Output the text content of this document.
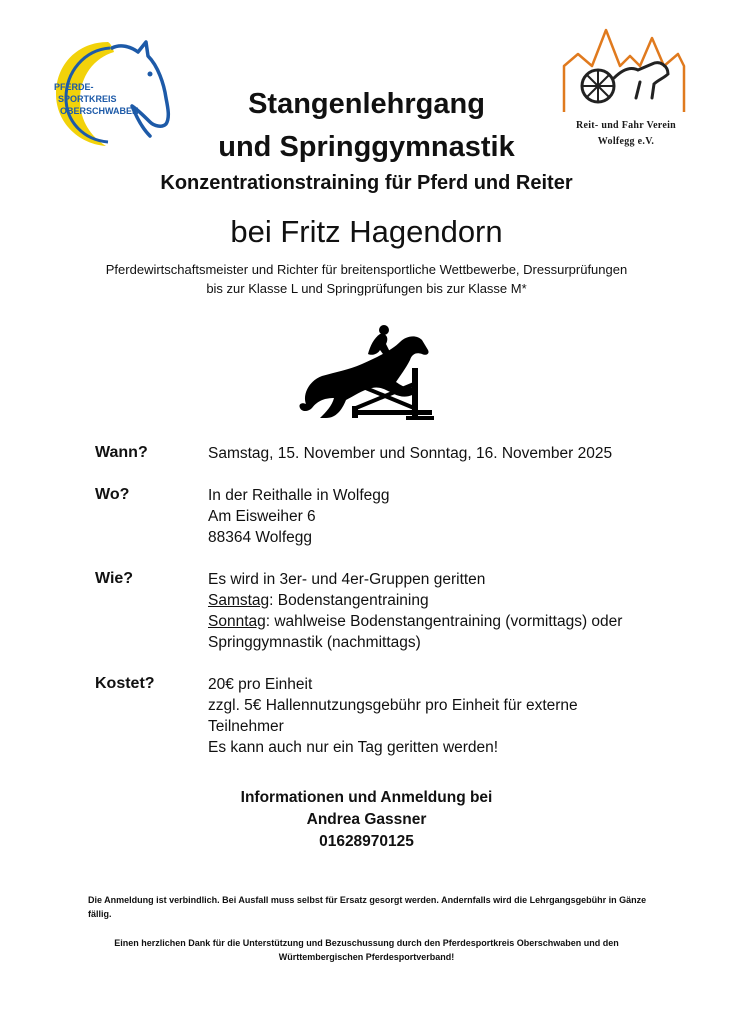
PFERDE-
SPORTKREIS
OBERSCHWABEN
Reit- und Fahr Verein
Wolfegg e.V.
Stangenlehrgang
und Springgymnastik
Konzentrationstraining für Pferd und Reiter
bei Fritz Hagendorn
Pferdewirtschaftsmeister und Richter für breitensportliche Wettbewerbe, Dressurprüfungen
bis zur Klasse L und Springprüfungen bis zur Klasse M*
Wann?	Samstag, 15. November und Sonntag, 16. November 2025
Wo?	In der Reithalle in Wolfegg
Am Eisweiher 6
88364 Wolfegg
Wie?	Es wird in 3er- und 4er-Gruppen geritten
Samstag: Bodenstangentraining
Sonntag: wahlweise Bodenstangentraining (vormittags) oder
Springgymnastik (nachmittags)
Kostet?	20€ pro Einheit
zzgl. 5€ Hallennutzungsgebühr pro Einheit für externe
Teilnehmer
Es kann auch nur ein Tag geritten werden!
Informationen und Anmeldung bei
Andrea Gassner
01628970125
Die Anmeldung ist verbindlich. Bei Ausfall muss selbst für Ersatz gesorgt werden. Andernfalls wird die Lehrgangsgebühr in Gänze fällig.
Einen herzlichen Dank für die Unterstützung und Bezuschussung durch den Pferdesportkreis Oberschwaben und den
Württembergischen Pferdesportverband!
